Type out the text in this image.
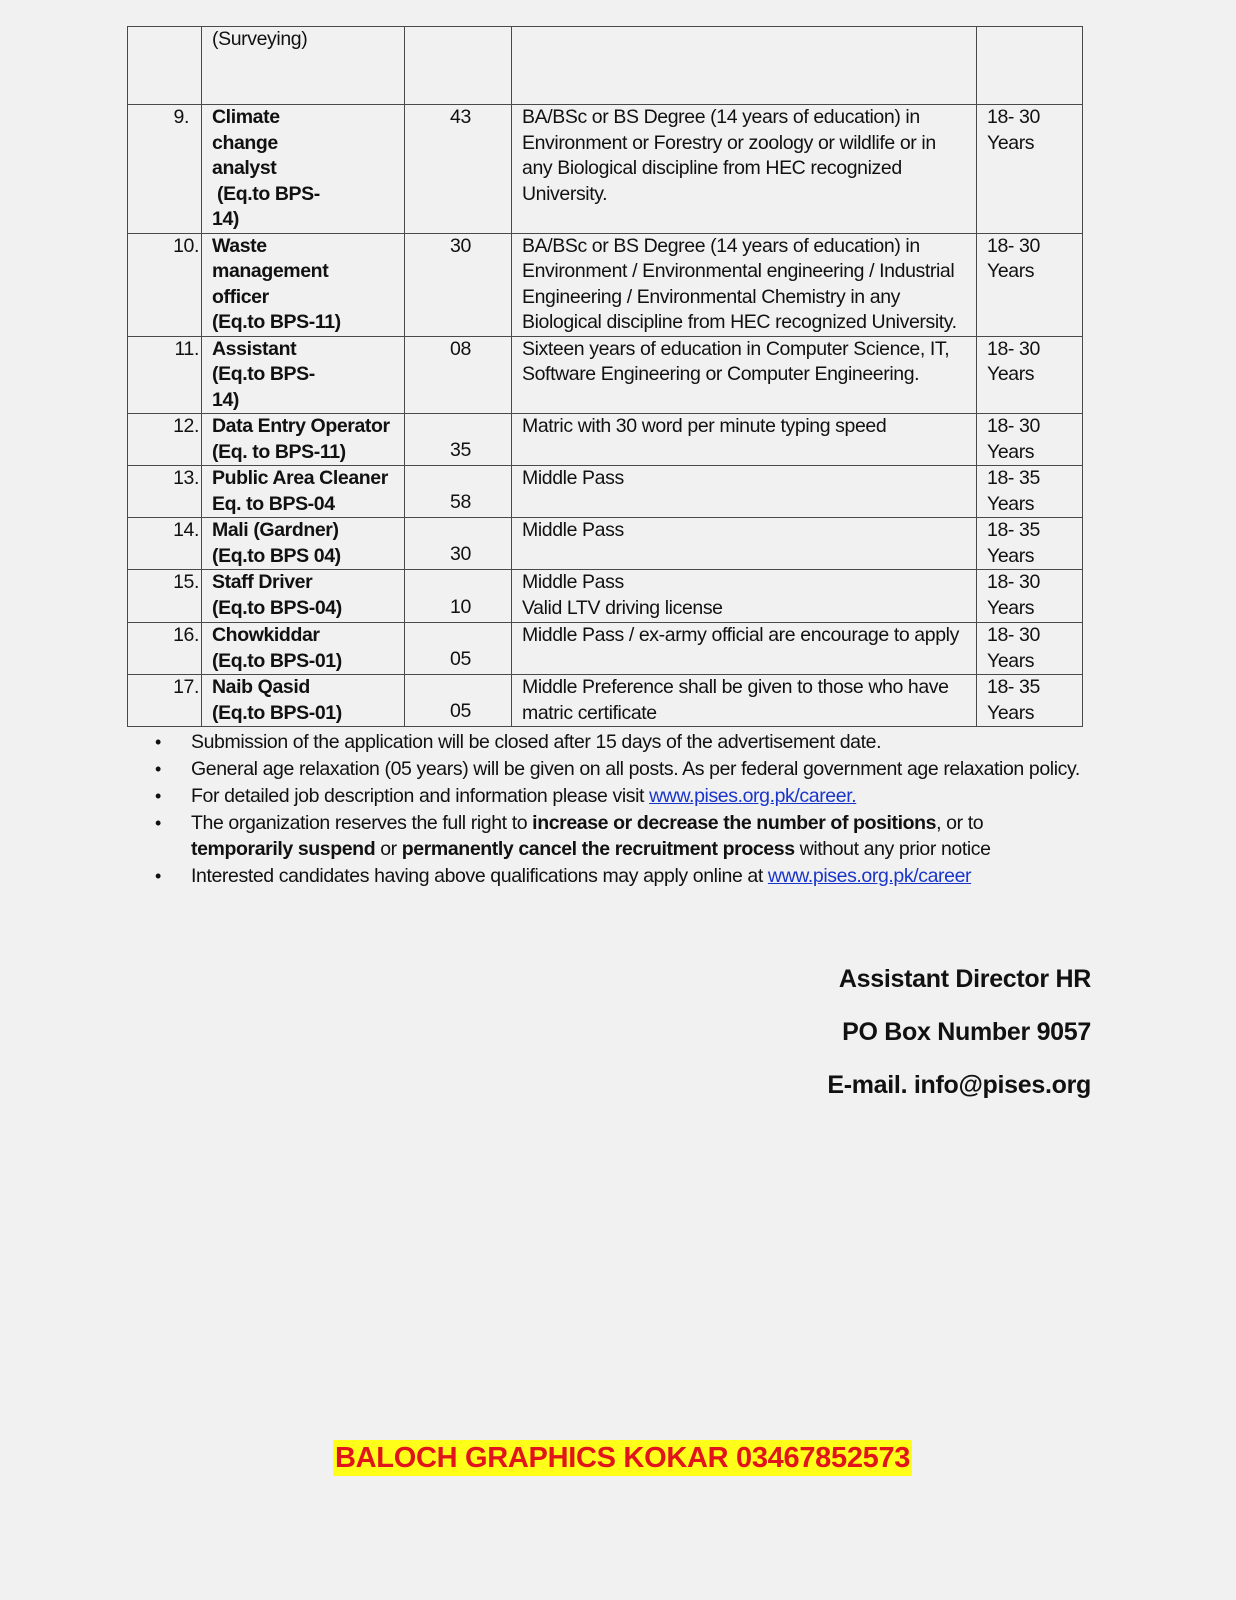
	(Surveying)			

9.	Climate
change
analyst
(Eq.to BPS-
14)	43	BA/BSc or BS Degree (14 years of education) in Environment or Forestry or zoology or wildlife or in any Biological discipline from HEC recognized University.	18- 30
Years

10.	Waste
management
officer
(Eq.to BPS-11)	30	BA/BSc or BS Degree (14 years of education) in Environment / Environmental engineering / Industrial Engineering / Environmental Chemistry in any Biological discipline from HEC recognized University.	18- 30
Years

11.	Assistant
(Eq.to BPS-
14)	08	Sixteen years of education in Computer Science, IT, Software Engineering or Computer Engineering.	18- 30
Years

12.	Data Entry Operator
(Eq. to BPS-11)	35	Matric with 30 word per minute typing speed	18- 30
Years

13.	Public Area Cleaner
Eq. to BPS-04	58	Middle Pass	18- 35
Years

14.	Mali (Gardner)
(Eq.to BPS 04)	30	Middle Pass	18- 35
Years

15.	Staff Driver
(Eq.to BPS-04)	10	Middle Pass
Valid LTV driving license	18- 30
Years

16.	Chowkiddar
(Eq.to BPS-01)	05	Middle Pass / ex-army official are encourage to apply	18- 30
Years

17.	Naib Qasid
(Eq.to BPS-01)	05	Middle Preference shall be given to those who have matric certificate	18- 35
Years
• Submission of the application will be closed after 15 days of the advertisement date.
• General age relaxation (05 years) will be given on all posts. As per federal government age relaxation policy.
• For detailed job description and information please visit www.pises.org.pk/career.
• The organization reserves the full right to increase or decrease the number of positions, or to temporarily suspend or permanently cancel the recruitment process without any prior notice
• Interested candidates having above qualifications may apply online at www.pises.org.pk/career
Assistant Director HR
PO Box Number 9057
E-mail. info@pises.org
BALOCH GRAPHICS KOKAR 03467852573
